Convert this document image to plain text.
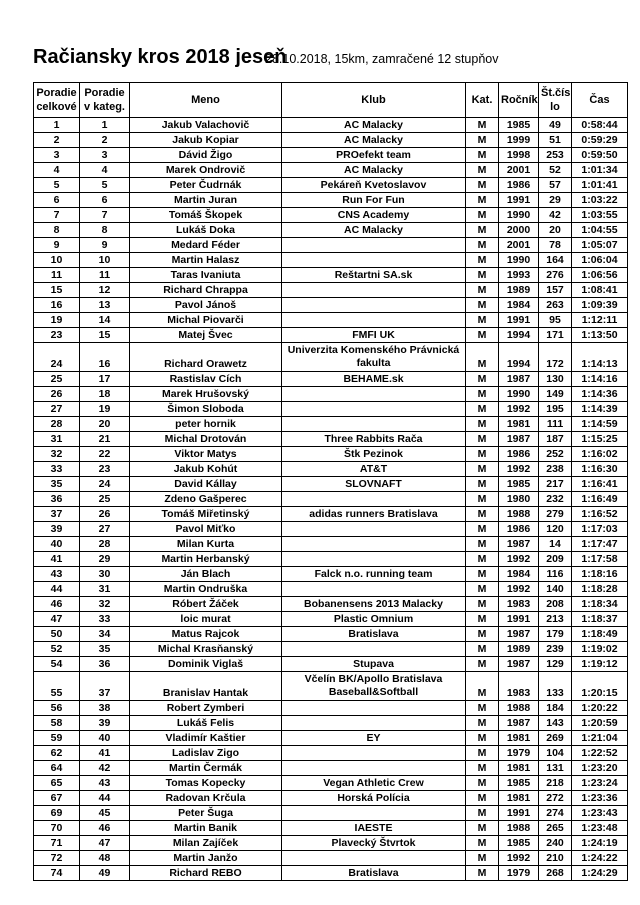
Račiansky kros 2018 jeseň
28.10.2018, 15km, zamračené 12 stupňov
Poradie celkové	Poradie v kateg.	Meno	Klub	Kat.	Ročník	Št.čís lo	Čas
1	1	Jakub Valachovič	AC Malacky	M	1985	49	0:58:44
2	2	Jakub Kopiar	AC Malacky	M	1999	51	0:59:29
3	3	Dávid Žigo	PROefekt team	M	1998	253	0:59:50
4	4	Marek Ondrovič	AC Malacky	M	2001	52	1:01:34
5	5	Peter Čudrnák	Pekáreň Kvetoslavov	M	1986	57	1:01:41
6	6	Martin Juran	Run For Fun	M	1991	29	1:03:22
7	7	Tomáš Škopek	CNS Academy	M	1990	42	1:03:55
8	8	Lukáš Doka	AC Malacky	M	2000	20	1:04:55
9	9	Medard Féder		M	2001	78	1:05:07
10	10	Martin Halasz		M	1990	164	1:06:04
11	11	Taras Ivaniuta	Reštartni SA.sk	M	1993	276	1:06:56
15	12	Richard Chrappa		M	1989	157	1:08:41
16	13	Pavol Jánoš		M	1984	263	1:09:39
19	14	Michal Piovarči		M	1991	95	1:12:11
23	15	Matej Švec	FMFI UK	M	1994	171	1:13:50
24	16	Richard Orawetz	Univerzita Komenského Právnická fakulta	M	1994	172	1:14:13
25	17	Rastislav Cích	BEHAME.sk	M	1987	130	1:14:16
26	18	Marek Hrušovský		M	1990	149	1:14:36
27	19	Šimon Sloboda		M	1992	195	1:14:39
28	20	peter hornik		M	1981	111	1:14:59
31	21	Michal Drotován	Three Rabbits Rača	M	1987	187	1:15:25
32	22	Viktor Matys	Štk Pezinok	M	1986	252	1:16:02
33	23	Jakub Kohút	AT&T	M	1992	238	1:16:30
35	24	David Kállay	SLOVNAFT	M	1985	217	1:16:41
36	25	Zdeno Gašperec		M	1980	232	1:16:49
37	26	Tomáš Miřetinský	adidas runners Bratislava	M	1988	279	1:16:52
39	27	Pavol Miťko		M	1986	120	1:17:03
40	28	Milan Kurta		M	1987	14	1:17:47
41	29	Martin Herbanský		M	1992	209	1:17:58
43	30	Ján Blach	Falck n.o. running team	M	1984	116	1:18:16
44	31	Martin Ondruška		M	1992	140	1:18:28
46	32	Róbert Žáček	Bobanensens 2013 Malacky	M	1983	208	1:18:34
47	33	loic murat	Plastic Omnium	M	1991	213	1:18:37
50	34	Matus Rajcok	Bratislava	M	1987	179	1:18:49
52	35	Michal Krasňanský		M	1989	239	1:19:02
54	36	Dominik Viglaš	Stupava	M	1987	129	1:19:12
55	37	Branislav Hantak	Včelín BK/Apollo Bratislava Baseball&Softball	M	1983	133	1:20:15
56	38	Robert Zymberi		M	1988	184	1:20:22
58	39	Lukáš Felis		M	1987	143	1:20:59
59	40	Vladimír Kaštier	EY	M	1981	269	1:21:04
62	41	Ladislav Zigo		M	1979	104	1:22:52
64	42	Martin Čermák		M	1981	131	1:23:20
65	43	Tomas Kopecky	Vegan Athletic Crew	M	1985	218	1:23:24
67	44	Radovan Krčula	Horská Polícia	M	1981	272	1:23:36
69	45	Peter Šuga		M	1991	274	1:23:43
70	46	Martin Banik	IAESTE	M	1988	265	1:23:48
71	47	Milan Zajíček	Plavecký Štvrtok	M	1985	240	1:24:19
72	48	Martin Janžo		M	1992	210	1:24:22
74	49	Richard REBO	Bratislava	M	1979	268	1:24:29
